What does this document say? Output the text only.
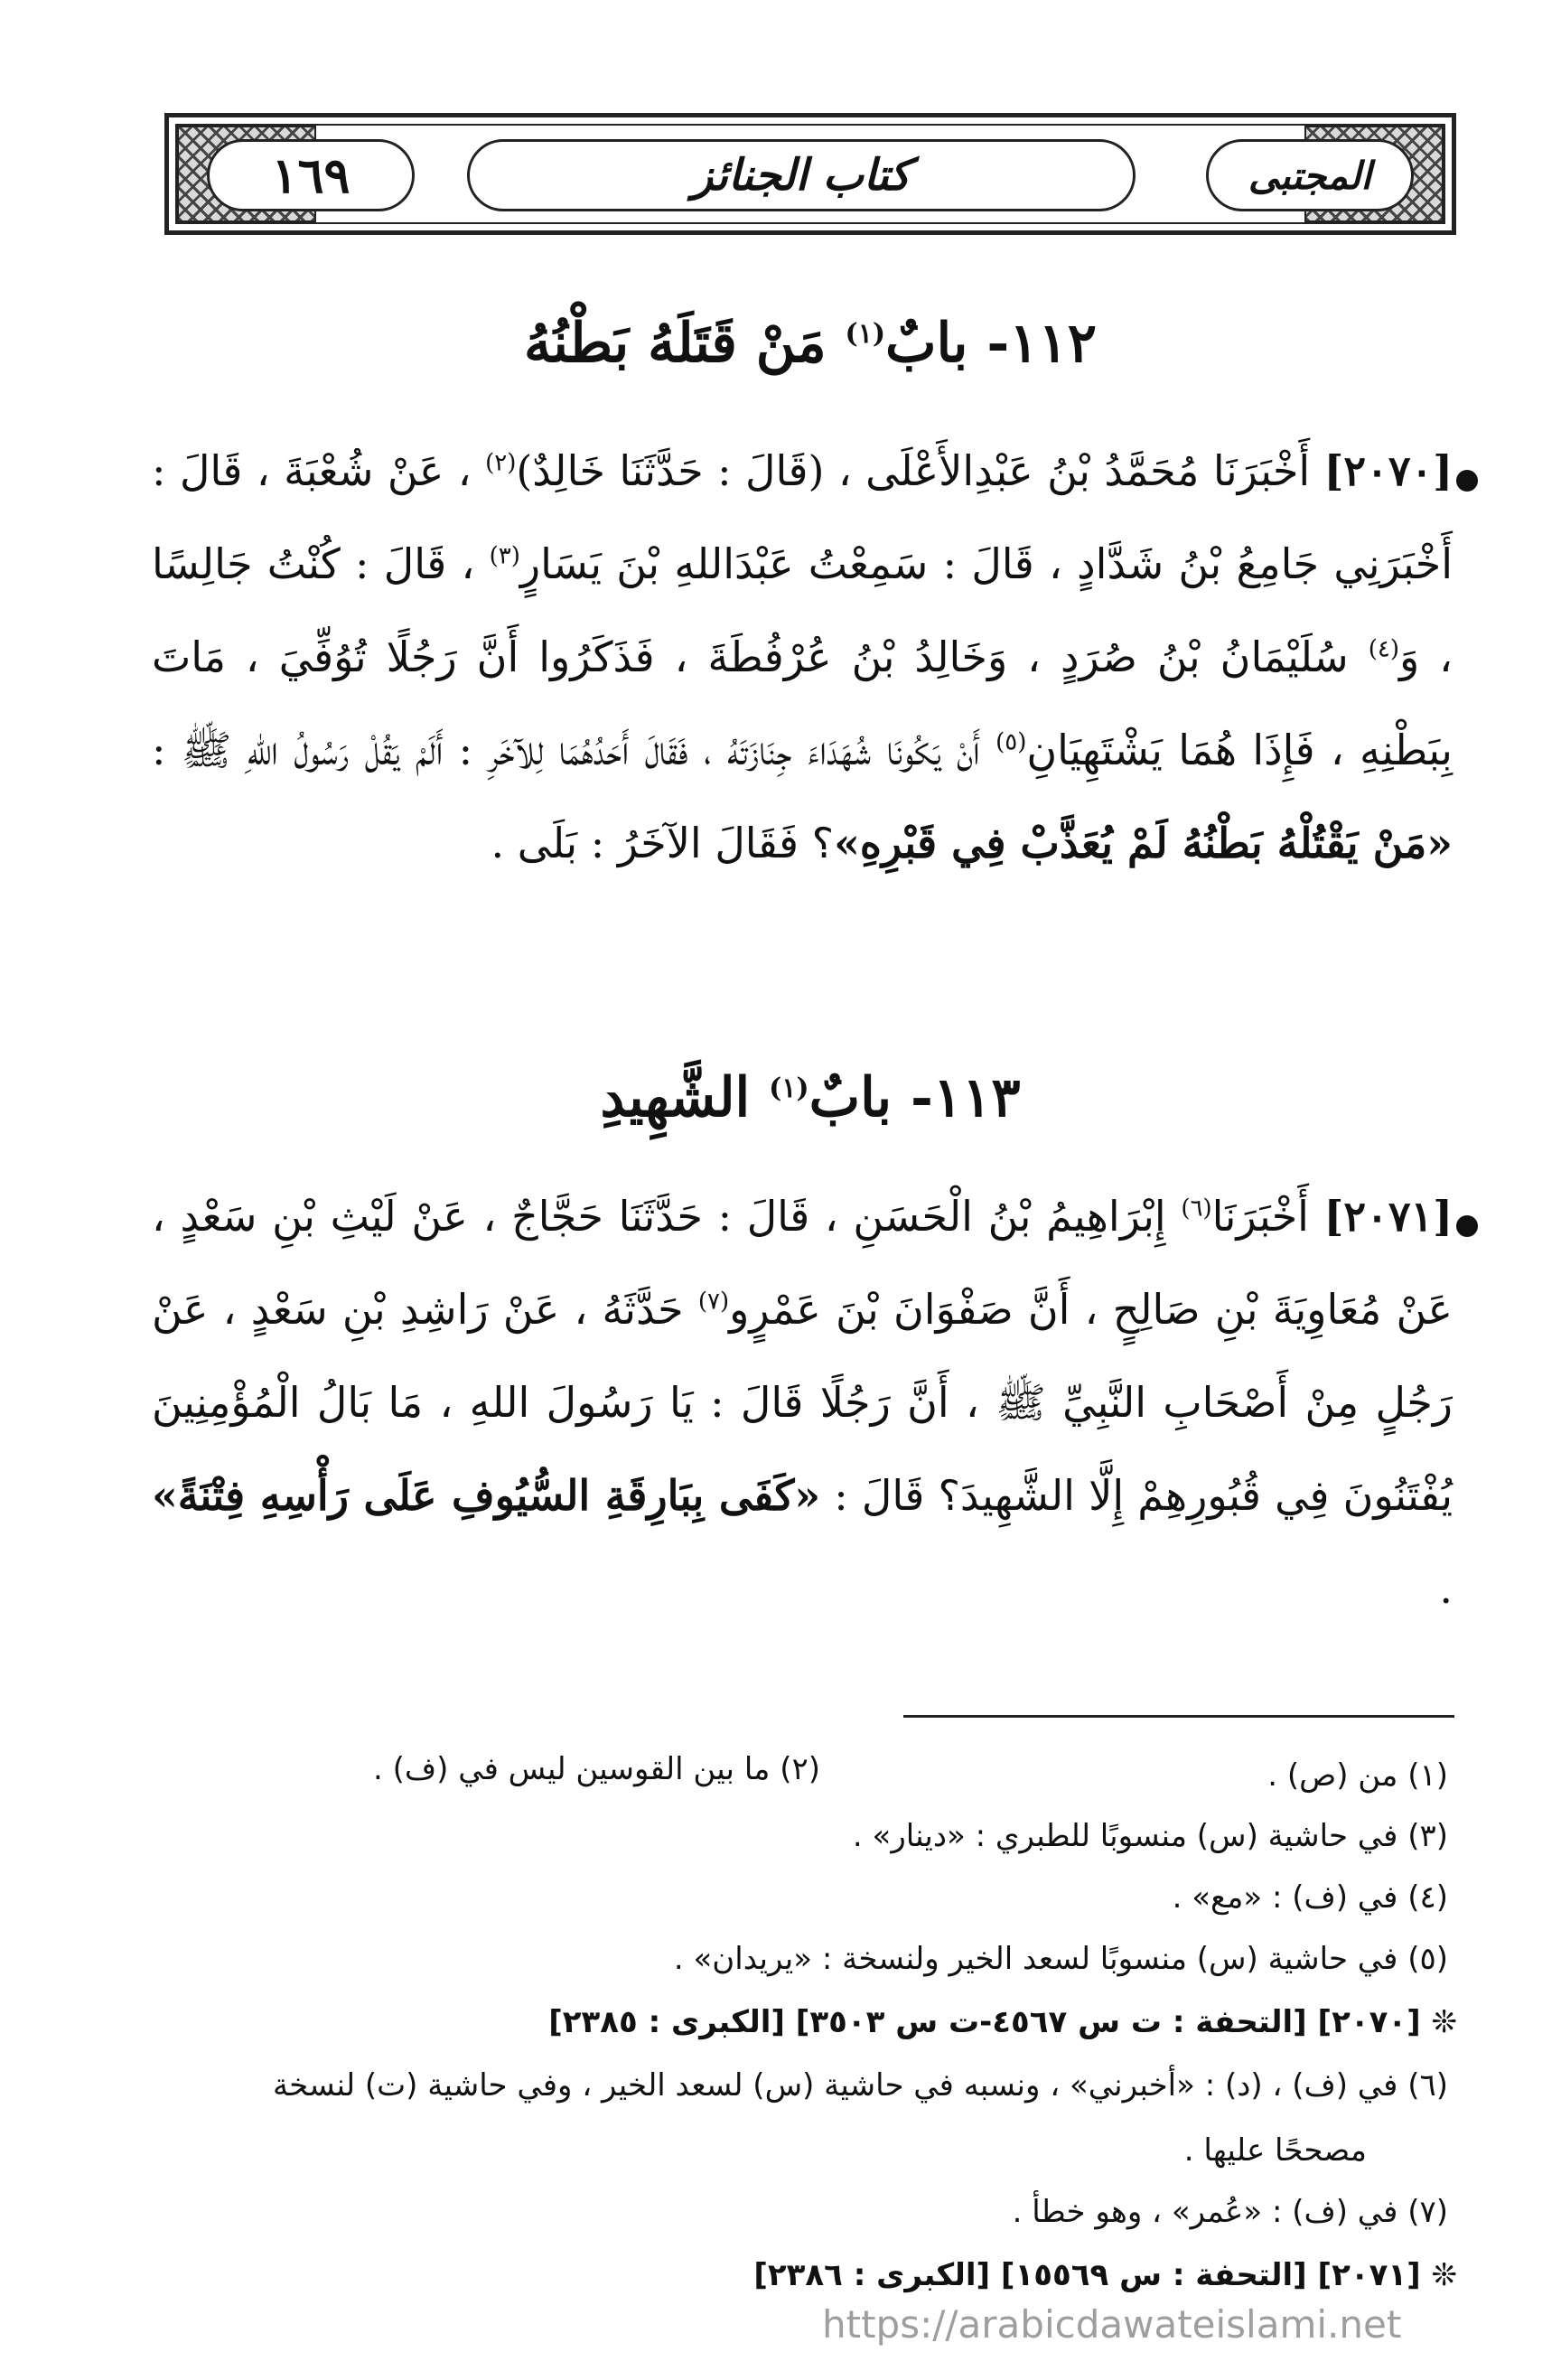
١٦٩	كتاب الجنائز	المجتبى
١١٢- بابٌ$^{(١)}$ مَنْ قَتَلَهُ بَطْنُهُ
[٢٠٧٠] أَخْبَرَنَا مُحَمَّدُ بْنُ عَبْدِالأَعْلَى ، (قَالَ : حَدَّثَنَا خَالِدٌ)$^{(٢)}$ ، عَنْ شُعْبَةَ ، قَالَ : أَخْبَرَنِي جَامِعُ بْنُ شَدَّادٍ ، قَالَ : سَمِعْتُ عَبْدَاللهِ بْنَ يَسَارٍ$^{(٣)}$ ، قَالَ : كُنْتُ جَالِسًا ، وَ$^{(٤)}$ سُلَيْمَانُ بْنُ صُرَدٍ ، وَخَالِدُ بْنُ عُرْفُطَةَ ، فَذَكَرُوا أَنَّ رَجُلًا تُوُفِّيَ ، مَاتَ بِبَطْنِهِ ، فَإِذَا هُمَا يَشْتَهِيَانِ$^{(٥)}$ أَنْ يَكُونَا شُهَدَاءَ جِنَازَتَهُ ، فَقَالَ أَحَدُهُمَا لِلآخَرِ : أَلَمْ يَقُلْ رَسُولُ اللهِ ﷺ : «مَنْ يَقْتُلْهُ بَطْنُهُ لَمْ يُعَذَّبْ فِي قَبْرِهِ»؟ فَقَالَ الآخَرُ : بَلَى .
١١٣- بابٌ$^{(١)}$ الشَّهِيدِ
[٢٠٧١] أَخْبَرَنَا$^{(٦)}$ إِبْرَاهِيمُ بْنُ الْحَسَنِ ، قَالَ : حَدَّثَنَا حَجَّاجٌ ، عَنْ لَيْثِ بْنِ سَعْدٍ ، عَنْ مُعَاوِيَةَ بْنِ صَالِحٍ ، أَنَّ صَفْوَانَ بْنَ عَمْرٍو$^{(٧)}$ حَدَّثَهُ ، عَنْ رَاشِدِ بْنِ سَعْدٍ ، عَنْ رَجُلٍ مِنْ أَصْحَابِ النَّبِيِّ ﷺ ، أَنَّ رَجُلًا قَالَ : يَا رَسُولَ اللهِ ، مَا بَالُ الْمُؤْمِنِينَ يُفْتَنُونَ فِي قُبُورِهِمْ إِلَّا الشَّهِيدَ؟ قَالَ : «كَفَى بِبَارِقَةِ السُّيُوفِ عَلَى رَأْسِهِ فِتْنَةً» .
(١) من (ص) .
(٢) ما بين القوسين ليس في (ف) .
(٣) في حاشية (س) منسوبًا للطبري : «دينار» .
(٤) في (ف) : «مع» .
(٥) في حاشية (س) منسوبًا لسعد الخير ولنسخة : «يريدان» .
❊ [٢٠٧٠] [التحفة : ت س ٤٥٦٧-ت س ٣٥٠٣] [الكبرى : ٢٣٨٥]
(٦) في (ف) ، (د) : «أخبرني» ، ونسبه في حاشية (س) لسعد الخير ، وفي حاشية (ت) لنسخة
مصححًا عليها .
(٧) في (ف) : «عُمر» ، وهو خطأ .
❊ [٢٠٧١] [التحفة : س ١٥٥٦٩] [الكبرى : ٢٣٨٦]
https://arabicdawateislami.net
